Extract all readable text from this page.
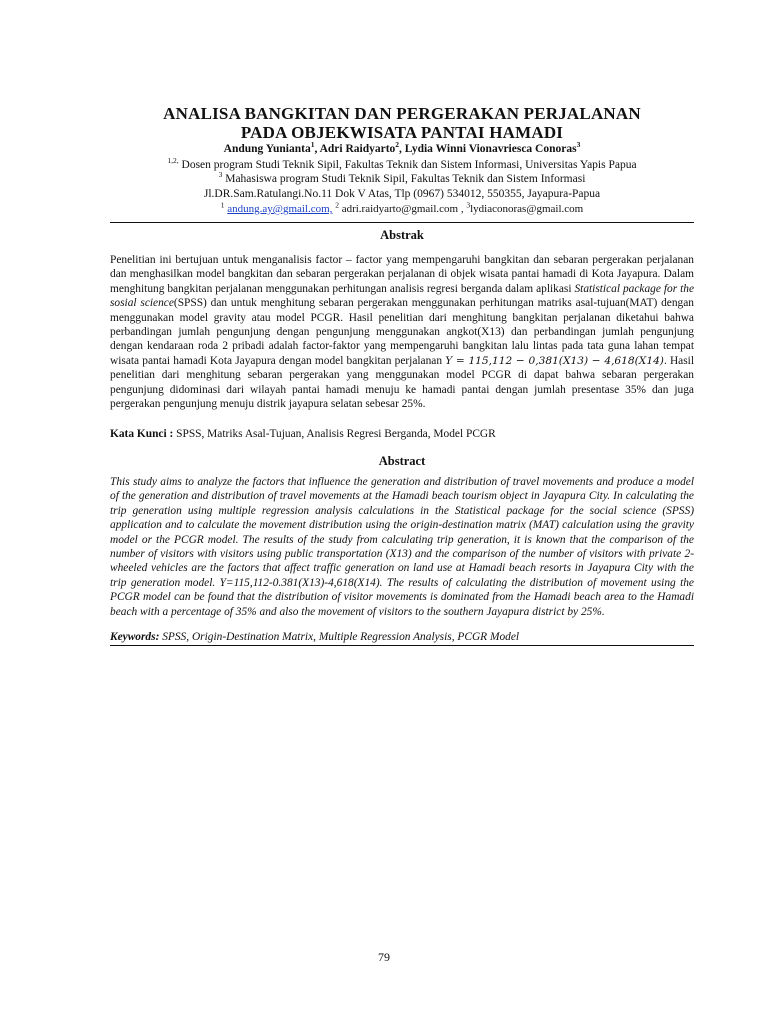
ANALISA BANGKITAN DAN PERGERAKAN PERJALANAN
PADA OBJEKWISATA PANTAI HAMADI
Andung Yunianta$^1$, Adri Raidyarto$^2$, Lydia Winni Vionavriesca Conoras$^3$
$^{1,2,}$ Dosen program Studi Teknik Sipil, Fakultas Teknik dan Sistem Informasi, Universitas Yapis Papua
$^3$ Mahasiswa program Studi Teknik Sipil, Fakultas Teknik dan Sistem Informasi
Jl.DR.Sam.Ratulangi.No.11 Dok V Atas, Tlp (0967) 534012, 550355, Jayapura-Papua
$^1$ andung.ay@gmail.com, $^2$ adri.raidyarto@gmail.com , $^3$lydiaconoras@gmail.com
Abstrak
Penelitian ini bertujuan untuk menganalisis factor – factor yang mempengaruhi bangkitan dan sebaran pergerakan perjalanan dan menghasilkan model bangkitan dan sebaran pergerakan perjalanan di objek wisata pantai hamadi di Kota Jayapura. Dalam menghitung bangkitan perjalanan menggunakan perhitungan analisis regresi berganda dalam aplikasi Statistical package for the sosial science(SPSS) dan untuk menghitung sebaran pergerakan menggunakan perhitungan matriks asal-tujuan(MAT) dengan menggunakan model gravity atau model PCGR. Hasil penelitian dari menghitung bangkitan perjalanan diketahui bahwa perbandingan jumlah pengunjung dengan pengunjung menggunakan angkot(X13) dan perbandingan jumlah pengunjung dengan kendaraan roda 2 pribadi adalah factor-faktor yang mempengaruhi bangkitan lalu lintas pada tata guna lahan tempat wisata pantai hamadi Kota Jayapura dengan model bangkitan perjalanan Y = 115,112 − 0,381(X13) − 4,618(X14). Hasil penelitian dari menghitung sebaran pergerakan yang menggunakan model PCGR di dapat bahwa sebaran pergerakan pengunjung didominasi dari wilayah pantai hamadi menuju ke hamadi pantai dengan jumlah presentase 35% dan juga pergerakan pengunjung menuju distrik jayapura selatan sebesar 25%.
Kata Kunci : SPSS, Matriks Asal-Tujuan, Analisis Regresi Berganda, Model PCGR
Abstract
This study aims to analyze the factors that influence the generation and distribution of travel movements and produce a model of the generation and distribution of travel movements at the Hamadi beach tourism object in Jayapura City. In calculating the trip generation using multiple regression analysis calculations in the Statistical package for the social science (SPSS) application and to calculate the movement distribution using the origin-destination matrix (MAT) calculation using the gravity model or the PCGR model. The results of the study from calculating trip generation, it is known that the comparison of the number of visitors with visitors using public transportation (X13) and the comparison of the number of visitors with private 2-wheeled vehicles are the factors that affect traffic generation on land use at Hamadi beach resorts in Jayapura City with the trip generation model. Y=115,112-0.381(X13)-4,618(X14). The results of calculating the distribution of movement using the PCGR model can be found that the distribution of visitor movements is dominated from the Hamadi beach area to the Hamadi beach with a percentage of 35% and also the movement of visitors to the southern Jayapura district by 25%.
Keywords: SPSS, Origin-Destination Matrix, Multiple Regression Analysis, PCGR Model
79
